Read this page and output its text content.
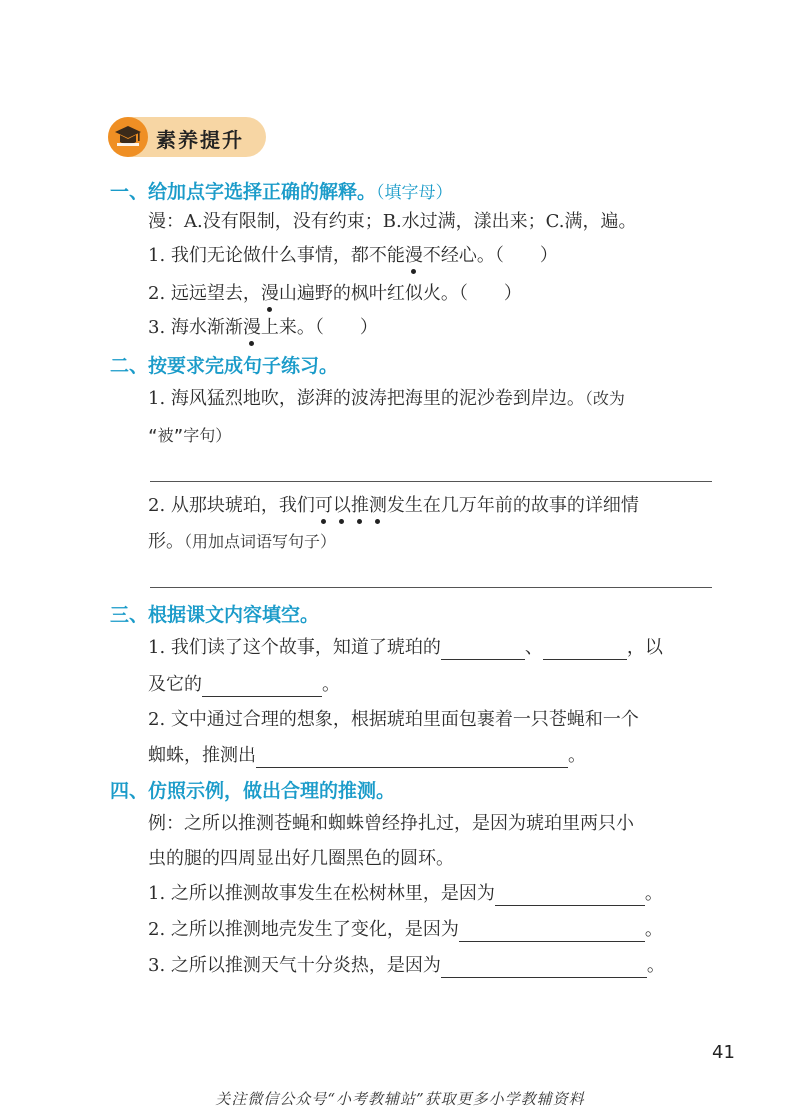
素养提升
一、给加点字选择正确的解释。（填字母）
漫：A.没有限制，没有约束；B.水过满，漾出来；C.满，遍。
1. 我们无论做什么事情，都不能漫不经心。（　　）
2. 远远望去，漫山遍野的枫叶红似火。（　　）
3. 海水渐渐漫上来。（　　）
二、按要求完成句子练习。
1. 海风猛烈地吹，澎湃的波涛把海里的泥沙卷到岸边。（改为
“被”字句）
2. 从那块琥珀，我们可以推测发生在几万年前的故事的详细情
形。（用加点词语写句子）
三、根据课文内容填空。
1. 我们读了这个故事，知道了琥珀的	、	，以
及它的	。
2. 文中通过合理的想象，根据琥珀里面包裹着一只苍蝇和一个
蜘蛛，推测出	。
四、仿照示例，做出合理的推测。
例：之所以推测苍蝇和蜘蛛曾经挣扎过，是因为琥珀里两只小
虫的腿的四周显出好几圈黑色的圆环。
1. 之所以推测故事发生在松树林里，是因为	。
2. 之所以推测地壳发生了变化，是因为	。
3. 之所以推测天气十分炎热，是因为	。
41
关注微信公众号“小考教辅站”获取更多小学教辅资料
